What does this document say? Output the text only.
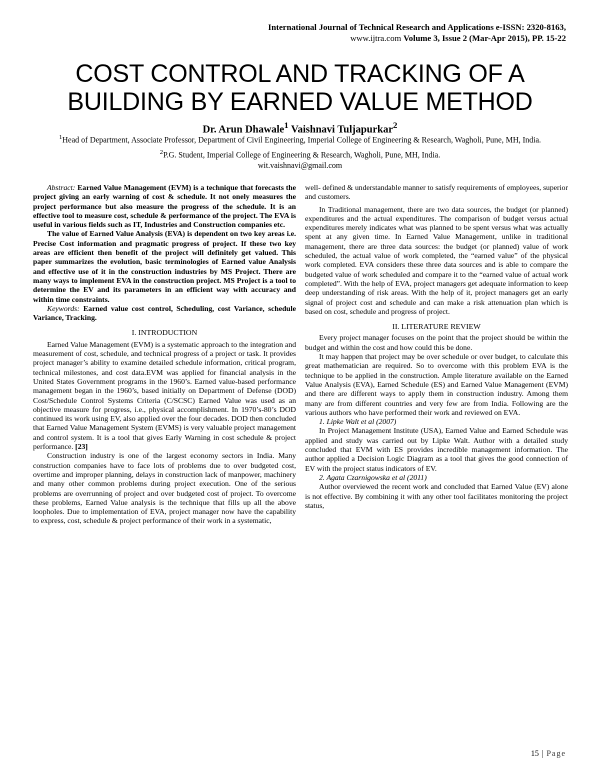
International Journal of Technical Research and Applications e-ISSN: 2320-8163,
www.ijtra.com Volume 3, Issue 2 (Mar-Apr 2015), PP. 15-22
COST CONTROL AND TRACKING OF A
BUILDING BY EARNED VALUE METHOD
Dr. Arun Dhawale$^1$ Vaishnavi Tuljapurkar$^2$
$^1$Head of Department, Associate Professor, Department of Civil Engineering, Imperial College of Engineering & Research, Wagholi, Pune, MH, India.
$^2$P.G. Student, Imperial College of Engineering & Research, Wagholi, Pune, MH, India.
wit.vaishnavi@gmail.com

Abstract: Earned Value Management (EVM) is a technique that forecasts the project giving an early warning of cost & schedule. It not onely measures the project performance but also measure the progress of the schedule. It is an effective tool to measure cost, schedule & performance of the project. The EVA is useful in various fields such as IT, Industries and Construction companies etc.

The value of Earned Value Analysis (EVA) is dependent on two key areas i.e. Precise Cost information and pragmatic progress of project. If these two key areas are efficient then benefit of the project will definitely get valued. This paper summarizes the evolution, basic terminologies of Earned value Analysis and effective use of it in the construction industries by MS Project. There are many ways to implement EVA in the construction project. MS Project is a tool to determine the EV and its parameters in an efficient way with accuracy and within time constraints.

Keywords: Earned value cost control, Scheduling, cost Variance, schedule Variance, Tracking.

I. INTRODUCTION

Earned Value Management (EVM) is a systematic approach to the integration and measurement of cost, schedule, and technical progress of a project or task. It provides project manager’s ability to examine detailed schedule information, critical program, technical milestones, and cost data.EVM was applied for financial analysis in the United States Government programs in the 1960’s. Earned value-based performance management began in the 1960’s, based initially on Department of Defense (DOD) Cost/Schedule Control Systems Criteria (C/SCSC) Earned Value was used as an objective measure for progress, i.e., physical accomplishment. In 1970’s-80’s DOD continued its work using EV, also applied over the four decades. DOD then concluded that Earned Value Management System (EVMS) is very valuable project management and control system. It is a tool that gives Early Warning in cost schedule & project performance. [23]

Construction industry is one of the largest economy sectors in India. Many construction companies have to face lots of problems due to over budgeted cost, overtime and improper planning, delays in construction lack of manpower, machinery and many other common problems during project execution. One of the serious problems are overrunning of project and over budgeted cost of project. To overcome these problems, Earned Value analysis is the technique that fills up all the above loopholes. Due to implementation of EVA, project manager now have the capability to express, cost, schedule & project performance of their work in a systematic,

well- defined & understandable manner to satisfy requirements of employees, superior and customers.

In Traditional management, there are two data sources, the budget (or planned) expenditures and the actual expenditures. The comparison of budget versus actual expenditures merely indicates what was planned to be spent versus what was actually spent at any given time. In Earned Value Management, unlike in traditional management, there are three data sources: the budget (or planned) value of work scheduled, the actual value of work completed, the “earned value” of the physical work completed. EVA considers these three data sources and is able to compare the budgeted value of work scheduled and compare it to the “earned value of actual work completed”. With the help of EVA, project managers get adequate information to keep deep understanding of risk areas. With the help of it, project managers get an early signal of project cost and schedule and can make a risk attenuation plan which is based on cost, schedule and progress of project.

II. LITERATURE REVIEW

Every project manager focuses on the point that the project should be within the budget and within the cost and how could this be done.

It may happen that project may be over schedule or over budget, to calculate this great mathematician are required. So to overcome with this problem EVA is the technique to be applied in the construction. Ample literature available on the Earned Value Analysis (EVA), Earned Schedule (ES) and Earned Value Management (EVM) and there are different ways to apply them in construction industry. Among them many are from different countries and very few are from India. Following are the various authors who have performed their work and reviewed on EVA.

1. Lipke Walt et al (2007)

In Project Management Institute (USA), Earned Value and Earned Schedule was applied and study was carried out by Lipke Walt. Author with a detailed study concluded that EVM with ES provides incredible management information. The author applied a Decision Logic Diagram as a tool that gives the good connection of EV with the project status indicators of EV.

2. Agata Czarnigowska et al (2011)

Author overviewed the recent work and concluded that Earned Value (EV) alone is not effective. By combining it with any other tool facilitates monitoring the project status,

15 | Page
